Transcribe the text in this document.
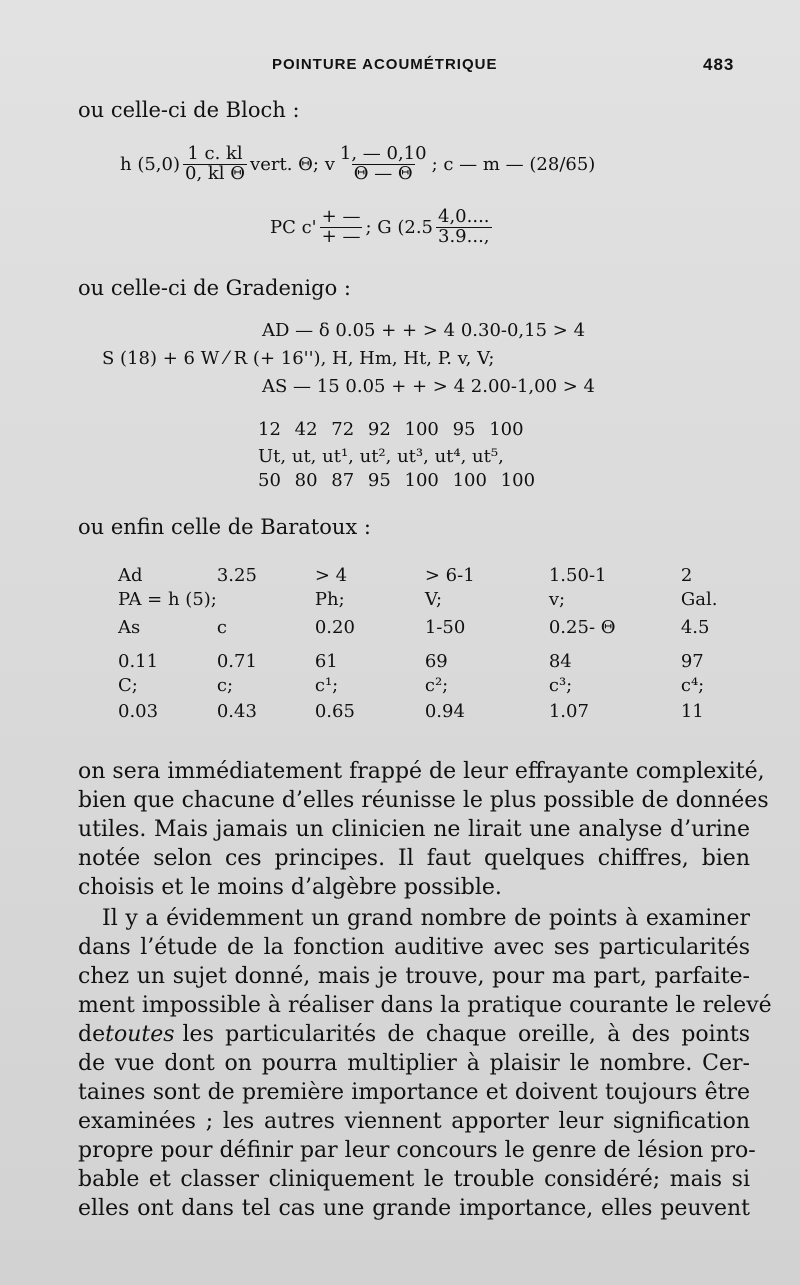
POINTURE ACOUMÉTRIQUE	483
ou celle-ci de Bloch :
h $(5,0) \frac{1 c. kl}{\text{0, kl Θ}}$ vert. Θ; v $\frac{1, — 0,10}{\Theta — \Theta}$ ; c — m — (28/65)
PC $c' \frac{+ —}{+ —}$ ; G ($2.5 \frac{4,0....}{3.9...,}$
ou celle-ci de Gradenigo :
AD — δ 0.05 + + > 4 0.30-0,15 > 4
S (18) + 6 W ⁄ R (+ 16''), H, Hm, Ht, P. v, V;
AS — 15 0.05 + + > 4 2.00-1,00 > 4
12 42 72 92 100 95 100
Ut, ut, ut¹, ut², ut³, ut⁴, ut⁵,
50 80 87 95 100 100 100
ou enfin celle de Baratoux :
Ad	3.25	> 4	> 6-1	1.50-1	2
PA = h (5);		Ph;	V;	v;	Gal.
As	c	0.20	1-50	0.25- Θ	4.5
0.11	0.71	61	69	84	97
C;	c;	c¹;	c²;	c³;	c⁴;
0.03	0.43	0.65	0.94	1.07	11
on sera immédiatement frappé de leur effrayante complexité,
bien que chacune d’elles réunisse le plus possible de données
utiles. Mais jamais un clinicien ne lirait une analyse d’urine
notée selon ces principes. Il faut quelques chiffres, bien
choisis et le moins d’algèbre possible.
Il y a évidemment un grand nombre de points à examiner
dans l’étude de la fonction auditive avec ses particularités
chez un sujet donné, mais je trouve, pour ma part, parfaite-
ment impossible à réaliser dans la pratique courante le relevé
de toutes les particularités de chaque oreille, à des points
de vue dont on pourra multiplier à plaisir le nombre. Cer-
taines sont de première importance et doivent toujours être
examinées ; les autres viennent apporter leur signification
propre pour définir par leur concours le genre de lésion pro-
bable et classer cliniquement le trouble considéré; mais si
elles ont dans tel cas une grande importance, elles peuvent
